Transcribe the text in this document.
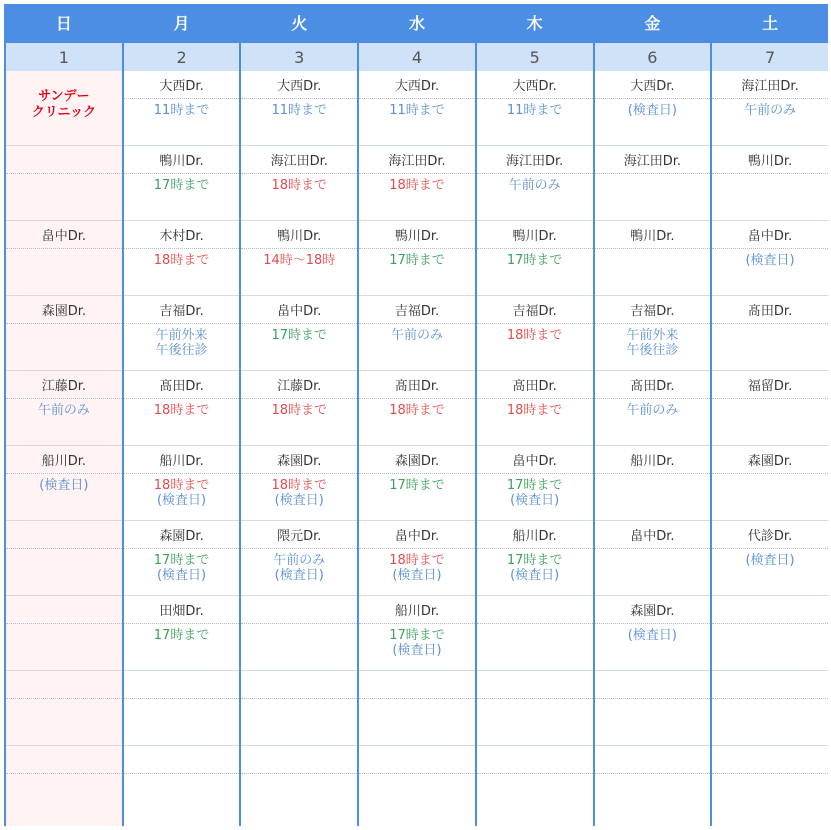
日
1
サンデー
クリニック
畠中Dr.
森園Dr.
江藤Dr.
午前のみ
船川Dr.
(検査日)
月
2
大西Dr.
11時まで
鴨川Dr.
17時まで
木村Dr.
18時まで
吉福Dr.
午前外来
午後往診
髙田Dr.
18時まで
船川Dr.
18時まで
(検査日)
森園Dr.
17時まで
(検査日)
田畑Dr.
17時まで
火
3
大西Dr.
11時まで
海江田Dr.
18時まで
鴨川Dr.
14時〜18時
畠中Dr.
17時まで
江藤Dr.
18時まで
森園Dr.
18時まで
(検査日)
隈元Dr.
午前のみ
(検査日)
水
4
大西Dr.
11時まで
海江田Dr.
18時まで
鴨川Dr.
17時まで
吉福Dr.
午前のみ
髙田Dr.
18時まで
森園Dr.
17時まで
畠中Dr.
18時まで
(検査日)
船川Dr.
17時まで
(検査日)
木
5
大西Dr.
11時まで
海江田Dr.
午前のみ
鴨川Dr.
17時まで
吉福Dr.
18時まで
髙田Dr.
18時まで
畠中Dr.
17時まで
(検査日)
船川Dr.
17時まで
(検査日)
金
6
大西Dr.
(検査日)
海江田Dr.
鴨川Dr.
吉福Dr.
午前外来
午後往診
髙田Dr.
午前のみ
船川Dr.
畠中Dr.
森園Dr.
(検査日)
土
7
海江田Dr.
午前のみ
鴨川Dr.
畠中Dr.
(検査日)
髙田Dr.
福留Dr.
森園Dr.
代診Dr.
(検査日)
